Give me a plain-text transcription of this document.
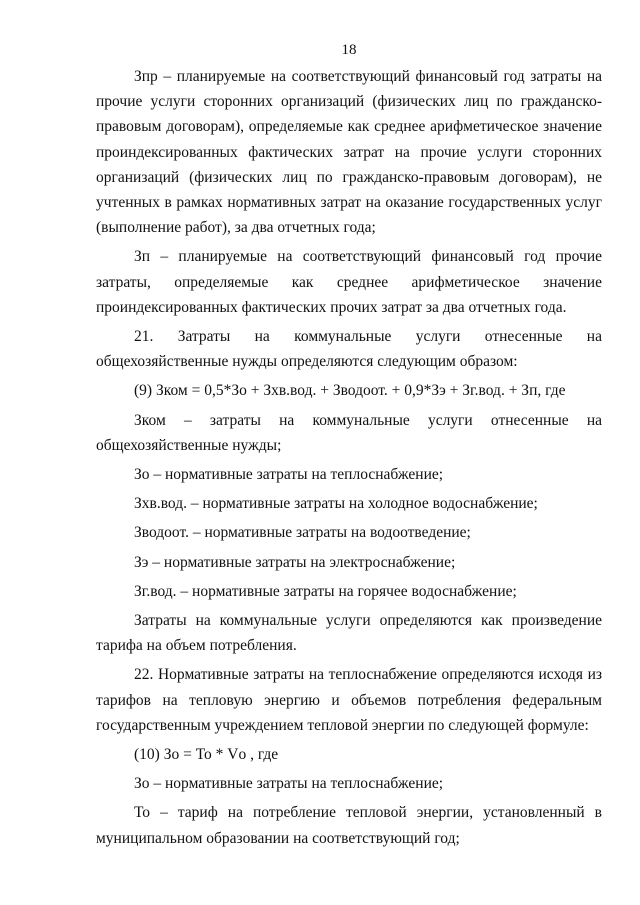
18

Зпр – планируемые на соответствующий финансовый год затраты на прочие услуги сторонних организаций (физических лиц по гражданско-правовым договорам), определяемые как среднее арифметическое значение проиндексированных фактических затрат на прочие услуги сторонних организаций (физических лиц по гражданско-правовым договорам), не учтенных в рамках нормативных затрат на оказание государственных услуг (выполнение работ), за два отчетных года;

Зп – планируемые на соответствующий финансовый год прочие затраты, определяемые как среднее арифметическое значение проиндексированных фактических прочих затрат за два отчетных года.

21. Затраты на коммунальные услуги отнесенные на общехозяйственные нужды определяются следующим образом:

(9) Зком = 0,5*Зо + Зхв.вод. + Зводоот. + 0,9*Зэ + Зг.вод. + Зп, где

Зком – затраты на коммунальные услуги отнесенные на общехозяйственные нужды;

Зо – нормативные затраты на теплоснабжение;

Зхв.вод. – нормативные затраты на холодное водоснабжение;

Зводоот. – нормативные затраты на водоотведение;

Зэ – нормативные затраты на электроснабжение;

Зг.вод. – нормативные затраты на горячее водоснабжение;

Затраты на коммунальные услуги определяются как произведение тарифа на объем потребления.

22. Нормативные затраты на теплоснабжение определяются исходя из тарифов на тепловую энергию и объемов потребления федеральным государственным учреждением тепловой энергии по следующей формуле:

(10) Зо = То * Vо , где

Зо – нормативные затраты на теплоснабжение;

То – тариф на потребление тепловой энергии, установленный в муниципальном образовании на соответствующий год;
